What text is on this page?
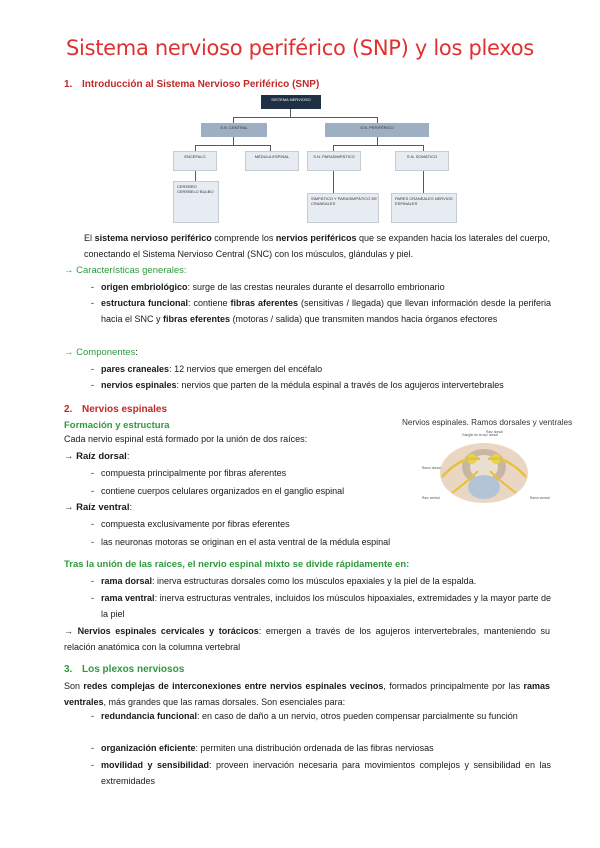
Sistema nervioso periférico (SNP) y los plexos
1. Introducción al Sistema Nervioso Periférico (SNP)
SISTEMA NERVIOSO
S.N. CENTRAL	S.N. PERIFÉRICO
ENCÉFALO	MÉDULA ESPINAL	S.N. PARASIMPÁTICO	S.N. SOMÁTICO
CEREBRO CEREBELO BULBO
SIMPÁTICO Y PARASIMPÁTICO DE CRANEALES
PARES CRANEALES NERVIOS ESPINALES
El sistema nervioso periférico comprende los nervios periféricos que se expanden hacia los laterales del cuerpo, conectando el Sistema Nervioso Central (SNC) con los músculos, glándulas y piel.
→ Características generales:
- origen embriológico: surge de las crestas neurales durante el desarrollo embrionario
- estructura funcional: contiene fibras aferentes (sensitivas / llegada) que llevan información desde la periferia hacia el SNC y fibras eferentes (motoras / salida) que transmiten mandos hacia órganos efectores
→ Componentes:
- pares craneales: 12 nervios que emergen del encéfalo
- nervios espinales: nervios que parten de la médula espinal a través de los agujeros intervertebrales
2. Nervios espinales
Formación y estructura
Cada nervio espinal está formado por la unión de dos raíces:
Nervios espinales. Ramos dorsales y ventrales
Ganglio de la raíz dorsal
Raíz dorsal
Ramo dorsal
Raíz ventral	Ramo ventral
→ Raíz dorsal:
- compuesta principalmente por fibras aferentes
- contiene cuerpos celulares organizados en el ganglio espinal
→ Raíz ventral:
- compuesta exclusivamente por fibras eferentes
- las neuronas motoras se originan en el asta ventral de la médula espinal
Tras la unión de las raíces, el nervio espinal mixto se divide rápidamente en:
- rama dorsal: inerva estructuras dorsales como los músculos epaxiales y la piel de la espalda.
- rama ventral: inerva estructuras ventrales, incluidos los músculos hipoaxiales, extremidades y la mayor parte de la piel
→ Nervios espinales cervicales y torácicos: emergen a través de los agujeros intervertebrales, manteniendo su relación anatómica con la columna vertebral
3. Los plexos nerviosos
Son redes complejas de interconexiones entre nervios espinales vecinos, formados principalmente por las ramas ventrales, más grandes que las ramas dorsales. Son esenciales para:
- redundancia funcional: en caso de daño a un nervio, otros pueden compensar parcialmente su función
- organización eficiente: permiten una distribución ordenada de las fibras nerviosas
- movilidad y sensibilidad: proveen inervación necesaria para movimientos complejos y sensibilidad en las extremidades
